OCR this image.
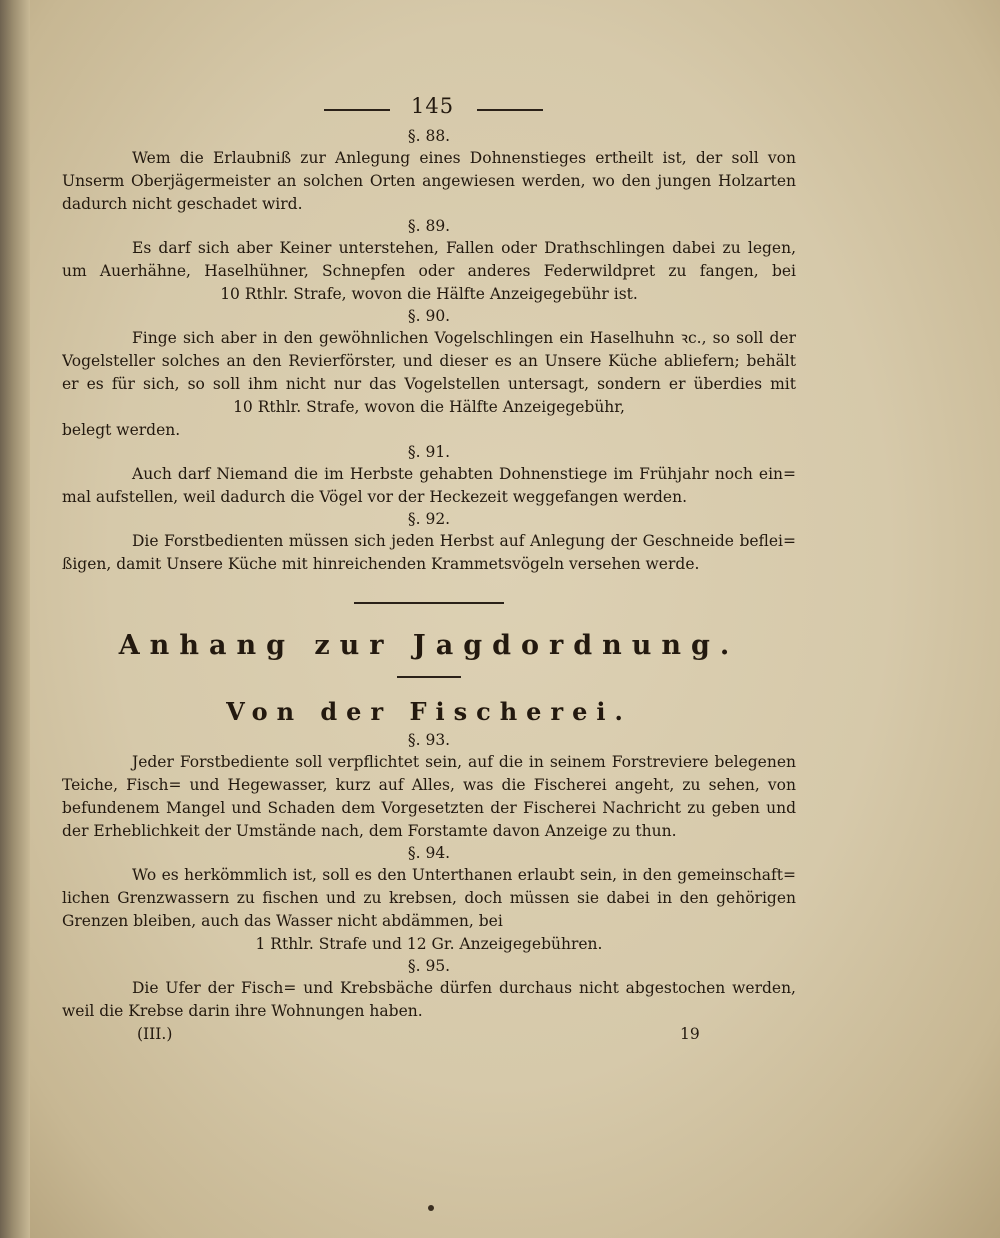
145
§. 88.
Wem die Erlaubniß zur Anlegung eines Dohnenstieges ertheilt ist, der soll von
Unserm Oberjägermeister an solchen Orten angewiesen werden, wo den jungen Holzarten
dadurch nicht geschadet wird.
§. 89.
Es darf sich aber Keiner unterstehen, Fallen oder Drathschlingen dabei zu legen,
um Auerhähne, Haselhühner, Schnepfen oder anderes Federwildpret zu fangen, bei
10 Rthlr. Strafe, wovon die Hälfte Anzeigegebühr ist.
§. 90.
Finge sich aber in den gewöhnlichen Vogelschlingen ein Haselhuhn ꝛc., so soll der
Vogelsteller solches an den Revierförster, und dieser es an Unsere Küche abliefern; behält
er es für sich, so soll ihm nicht nur das Vogelstellen untersagt, sondern er überdies mit
10 Rthlr. Strafe, wovon die Hälfte Anzeigegebühr,
belegt werden.
§. 91.
Auch darf Niemand die im Herbste gehabten Dohnenstiege im Frühjahr noch ein=
mal aufstellen, weil dadurch die Vögel vor der Heckezeit weggefangen werden.
§. 92.
Die Forstbedienten müssen sich jeden Herbst auf Anlegung der Geschneide beflei=
ßigen, damit Unsere Küche mit hinreichenden Krammetsvögeln versehen werde.
Anhang zur Jagdordnung.
Von der Fischerei.
§. 93.
Jeder Forstbediente soll verpflichtet sein, auf die in seinem Forstreviere belegenen
Teiche, Fisch= und Hegewasser, kurz auf Alles, was die Fischerei angeht, zu sehen, von
befundenem Mangel und Schaden dem Vorgesetzten der Fischerei Nachricht zu geben und
der Erheblichkeit der Umstände nach, dem Forstamte davon Anzeige zu thun.
§. 94.
Wo es herkömmlich ist, soll es den Unterthanen erlaubt sein, in den gemeinschaft=
lichen Grenzwassern zu fischen und zu krebsen, doch müssen sie dabei in den gehörigen
Grenzen bleiben, auch das Wasser nicht abdämmen, bei
1 Rthlr. Strafe und 12 Gr. Anzeigegebühren.
§. 95.
Die Ufer der Fisch= und Krebsbäche dürfen durchaus nicht abgestochen werden,
weil die Krebse darin ihre Wohnungen haben.
(III.)	19
